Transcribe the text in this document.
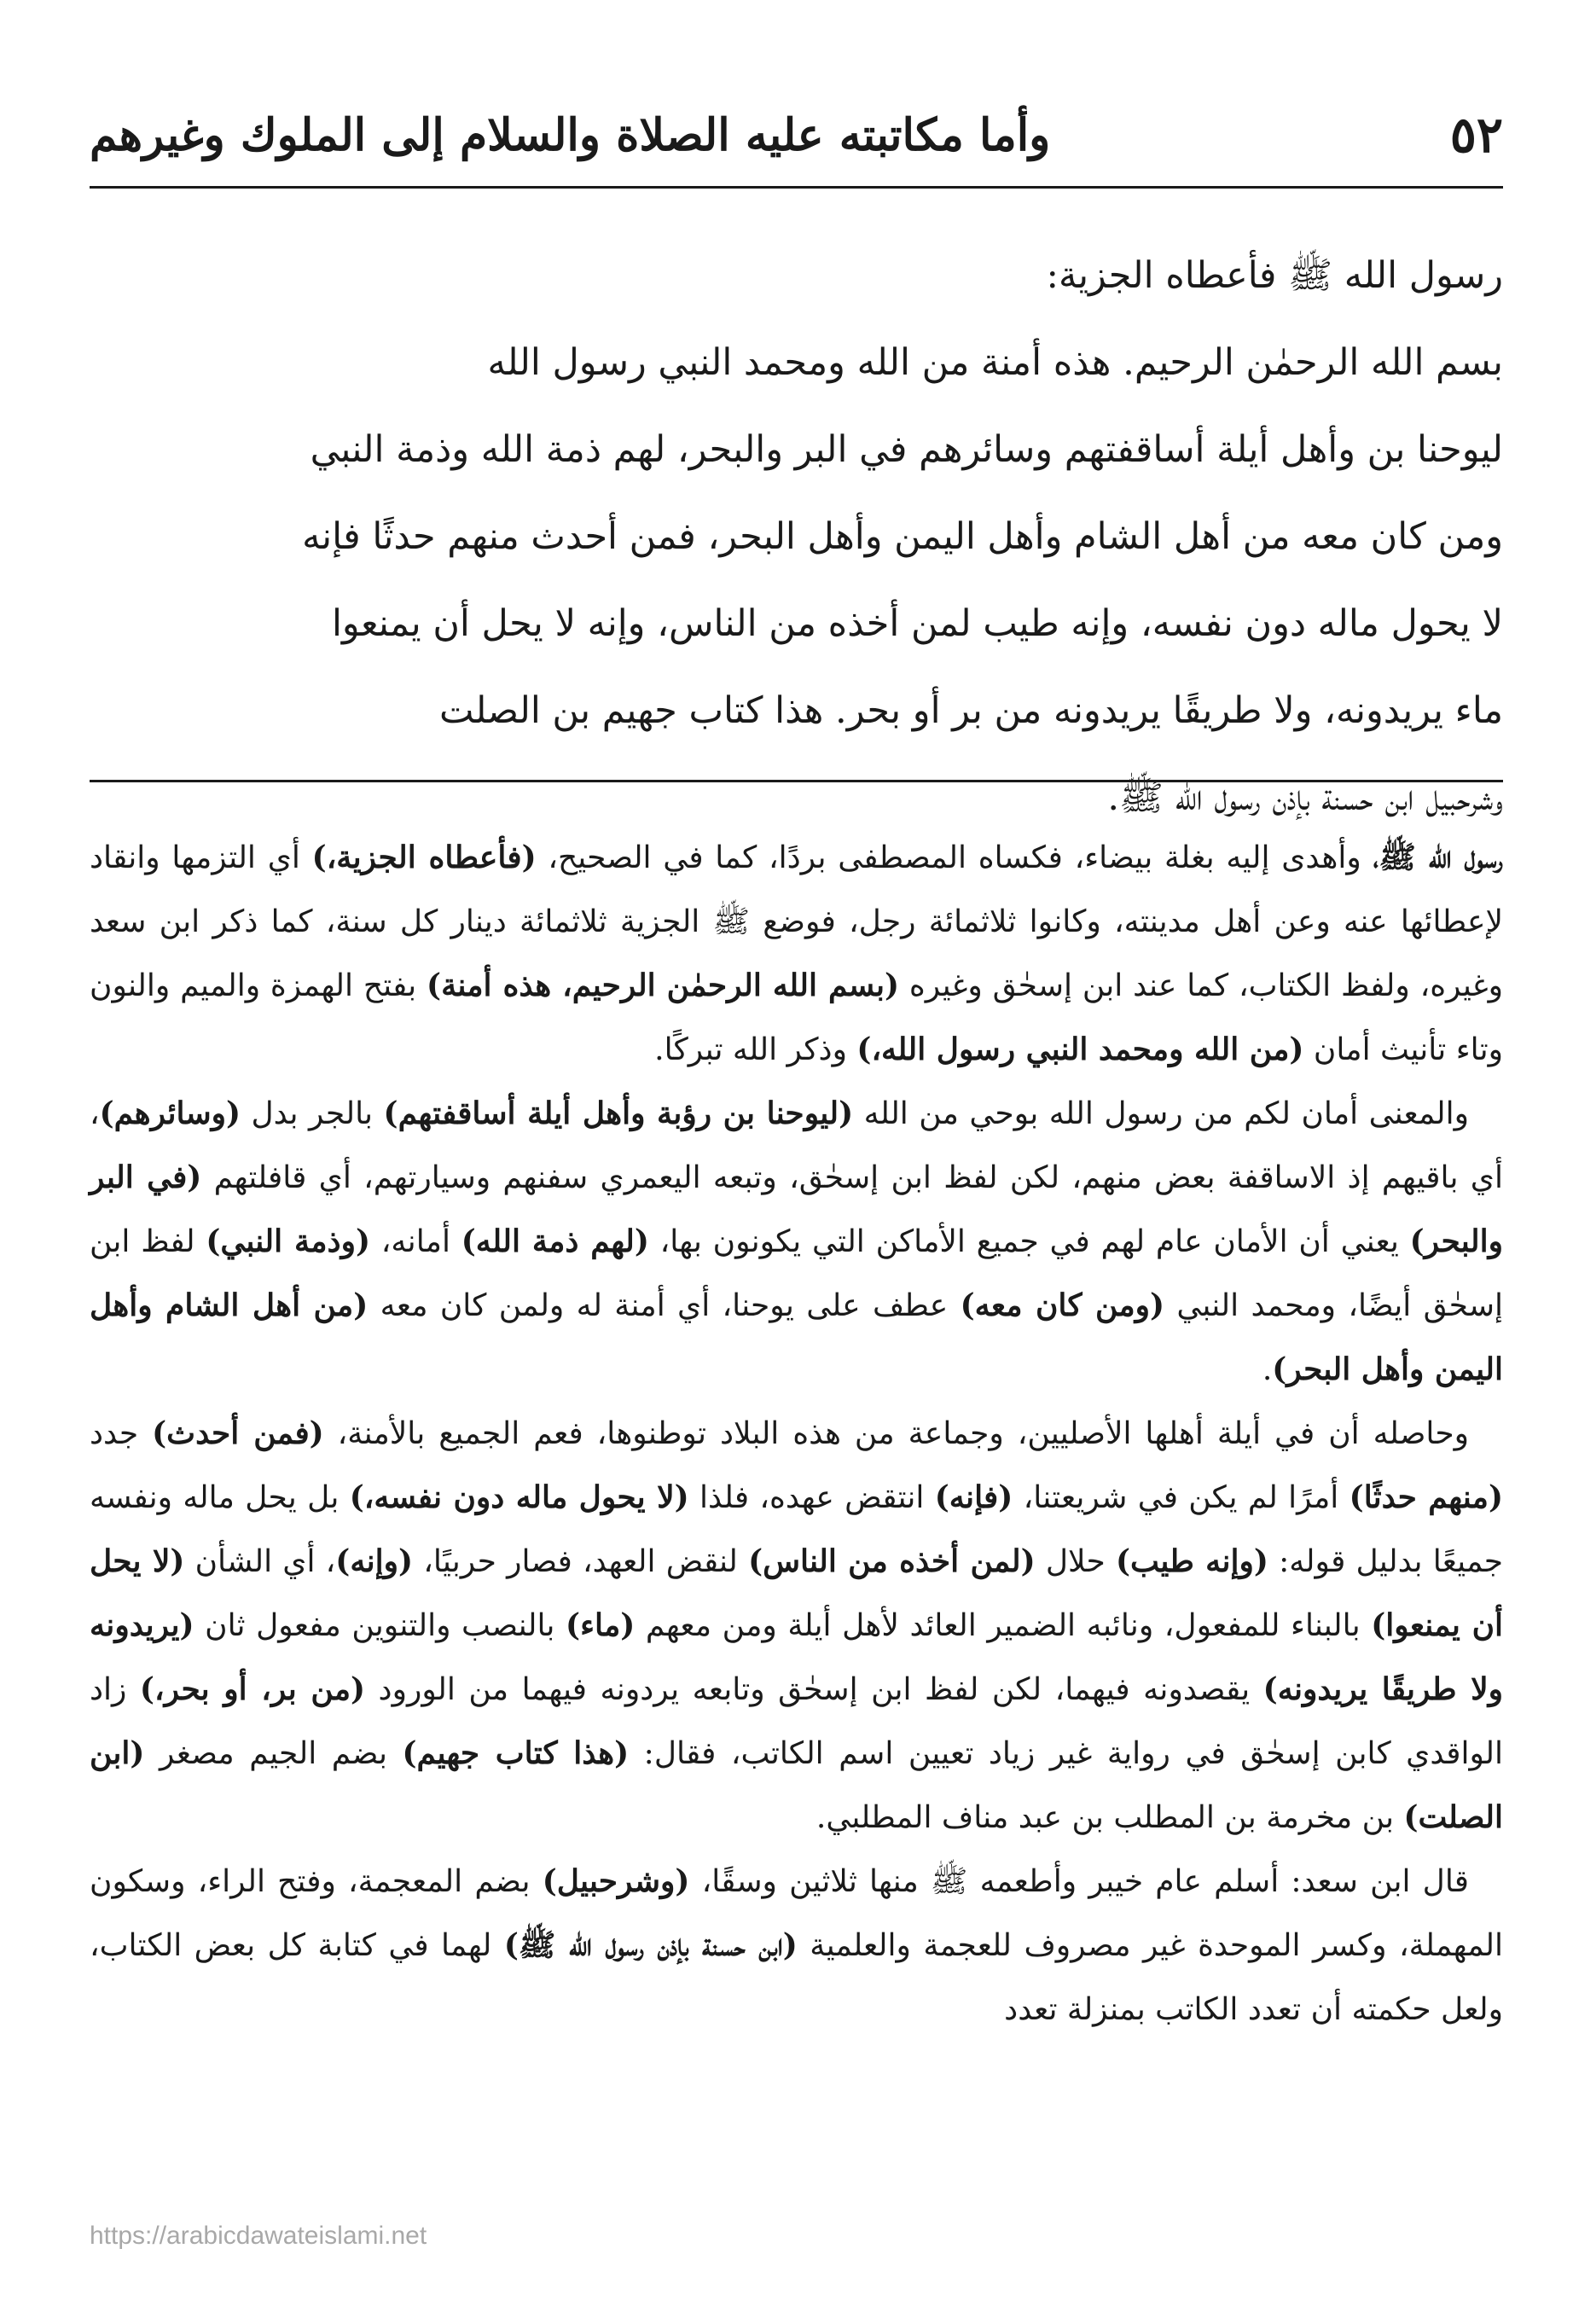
٥٢
وأما مكاتبته عليه الصلاة والسلام إلى الملوك وغيرهم
رسول الله ﷺ فأعطاه الجزية:
بسم الله الرحمٰن الرحيم. هذه أمنة من الله ومحمد النبي رسول الله
ليوحنا بن وأهل أيلة أساقفتهم وسائرهم في البر والبحر، لهم ذمة الله وذمة النبي
ومن كان معه من أهل الشام وأهل اليمن وأهل البحر، فمن أحدث منهم حدثًا فإنه
لا يحول ماله دون نفسه، وإنه طيب لمن أخذه من الناس، وإنه لا يحل أن يمنعوا
ماء يريدونه، ولا طريقًا يريدونه من بر أو بحر. هذا كتاب جهيم بن الصلت
وشرحبيل ابن حسنة بإذن رسول الله ﷺ.

رسول الله ﷺ، وأهدى إليه بغلة بيضاء، فكساه المصطفى بردًا، كما في الصحيح، (فأعطاه الجزية،) أي التزمها وانقاد لإعطائها عنه وعن أهل مدينته، وكانوا ثلاثمائة رجل، فوضع ﷺ الجزية ثلاثمائة دينار كل سنة، كما ذكر ابن سعد وغيره، ولفظ الكتاب، كما عند ابن إسحٰق وغيره (بسم الله الرحمٰن الرحيم، هذه أمنة) بفتح الهمزة والميم والنون وتاء تأنيث أمان (من الله ومحمد النبي رسول الله،) وذكر الله تبركًا.

والمعنى أمان لكم من رسول الله بوحي من الله (ليوحنا بن رؤبة وأهل أيلة أساقفتهم) بالجر بدل (وسائرهم)، أي باقيهم إذ الاساقفة بعض منهم، لكن لفظ ابن إسحٰق، وتبعه اليعمري سفنهم وسيارتهم، أي قافلتهم (في البر والبحر) يعني أن الأمان عام لهم في جميع الأماكن التي يكونون بها، (لهم ذمة الله) أمانه، (وذمة النبي) لفظ ابن إسحٰق أيضًا، ومحمد النبي (ومن كان معه) عطف على يوحنا، أي أمنة له ولمن كان معه (من أهل الشام وأهل اليمن وأهل البحر).

وحاصله أن في أيلة أهلها الأصليين، وجماعة من هذه البلاد توطنوها، فعم الجميع بالأمنة، (فمن أحدث) جدد (منهم حدثًا) أمرًا لم يكن في شريعتنا، (فإنه) انتقض عهده، فلذا (لا يحول ماله دون نفسه،) بل يحل ماله ونفسه جميعًا بدليل قوله: (وإنه طيب) حلال (لمن أخذه من الناس) لنقض العهد، فصار حربيًا، (وإنه)، أي الشأن (لا يحل أن يمنعوا) بالبناء للمفعول، ونائبه الضمير العائد لأهل أيلة ومن معهم (ماء) بالنصب والتنوين مفعول ثان (يريدونه ولا طريقًا يريدونه) يقصدونه فيهما، لكن لفظ ابن إسحٰق وتابعه يردونه فيهما من الورود (من بر، أو بحر،) زاد الواقدي كابن إسحٰق في رواية غير زياد تعيين اسم الكاتب، فقال: (هذا كتاب جهيم) بضم الجيم مصغر (ابن الصلت) بن مخرمة بن المطلب بن عبد مناف المطلبي.

قال ابن سعد: أسلم عام خيبر وأطعمه ﷺ منها ثلاثين وسقًا، (وشرحبيل) بضم المعجمة، وفتح الراء، وسكون المهملة، وكسر الموحدة غير مصروف للعجمة والعلمية (ابن حسنة بإذن رسول الله ﷺ) لهما في كتابة كل بعض الكتاب، ولعل حكمته أن تعدد الكاتب بمنزلة تعدد

https://arabicdawateislami.net
